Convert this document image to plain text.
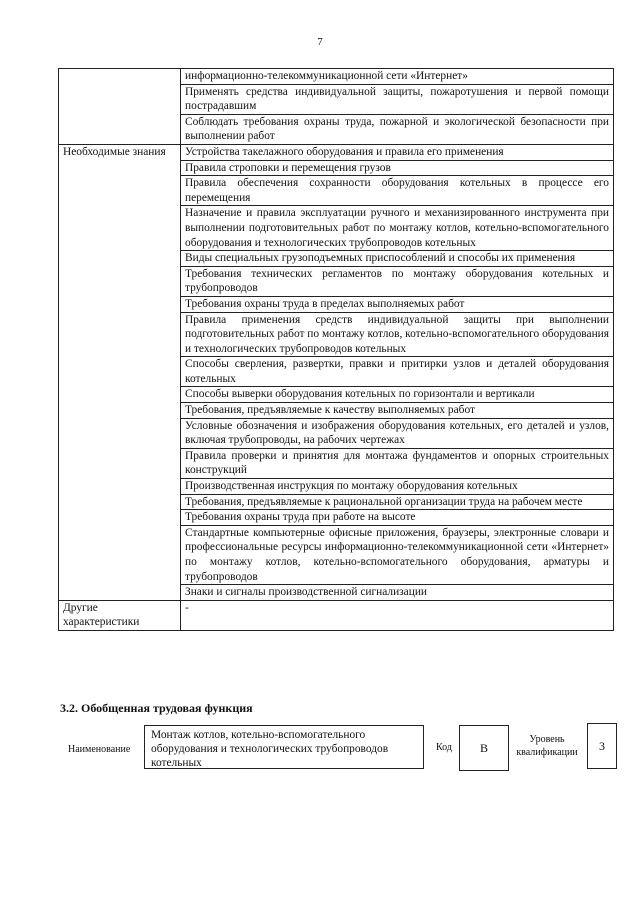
7
	информационно-телекоммуникационной сети «Интернет»
	Применять средства индивидуальной защиты, пожаротушения и первой помощи пострадавшим
	Соблюдать требования охраны труда, пожарной и экологической безопасности при выполнении работ
Необходимые знания	Устройства такелажного оборудования и правила его применения
	Правила строповки и перемещения грузов
	Правила обеспечения сохранности оборудования котельных в процессе его перемещения
	Назначение и правила эксплуатации ручного и механизированного инструмента при выполнении подготовительных работ по монтажу котлов, котельно-вспомогательного оборудования и технологических трубопроводов котельных
	Виды специальных грузоподъемных приспособлений и способы их применения
	Требования технических регламентов по монтажу оборудования котельных и трубопроводов
	Требования охраны труда в пределах выполняемых работ
	Правила применения средств индивидуальной защиты при выполнении подготовительных работ по монтажу котлов, котельно-вспомогательного оборудования и технологических трубопроводов котельных
	Способы сверления, развертки, правки и притирки узлов и деталей оборудования котельных
	Способы выверки оборудования котельных по горизонтали и вертикали
	Требования, предъявляемые к качеству выполняемых работ
	Условные обозначения и изображения оборудования котельных, его деталей и узлов, включая трубопроводы, на рабочих чертежах
	Правила проверки и принятия для монтажа фундаментов и опорных строительных конструкций
	Производственная инструкция по монтажу оборудования котельных
	Требования, предъявляемые к рациональной организации труда на рабочем месте
	Требования охраны труда при работе на высоте
	Стандартные компьютерные офисные приложения, браузеры, электронные словари и профессиональные ресурсы информационно-телекоммуникационной сети «Интернет» по монтажу котлов, котельно-вспомогательного оборудования, арматуры и трубопроводов
	Знаки и сигналы производственной сигнализации
Другие характеристики	-
3.2. Обобщенная трудовая функция
Наименование
Монтаж котлов, котельно-вспомогательного оборудования и технологических трубопроводов котельных
Код	В
Уровень квалификации	3
